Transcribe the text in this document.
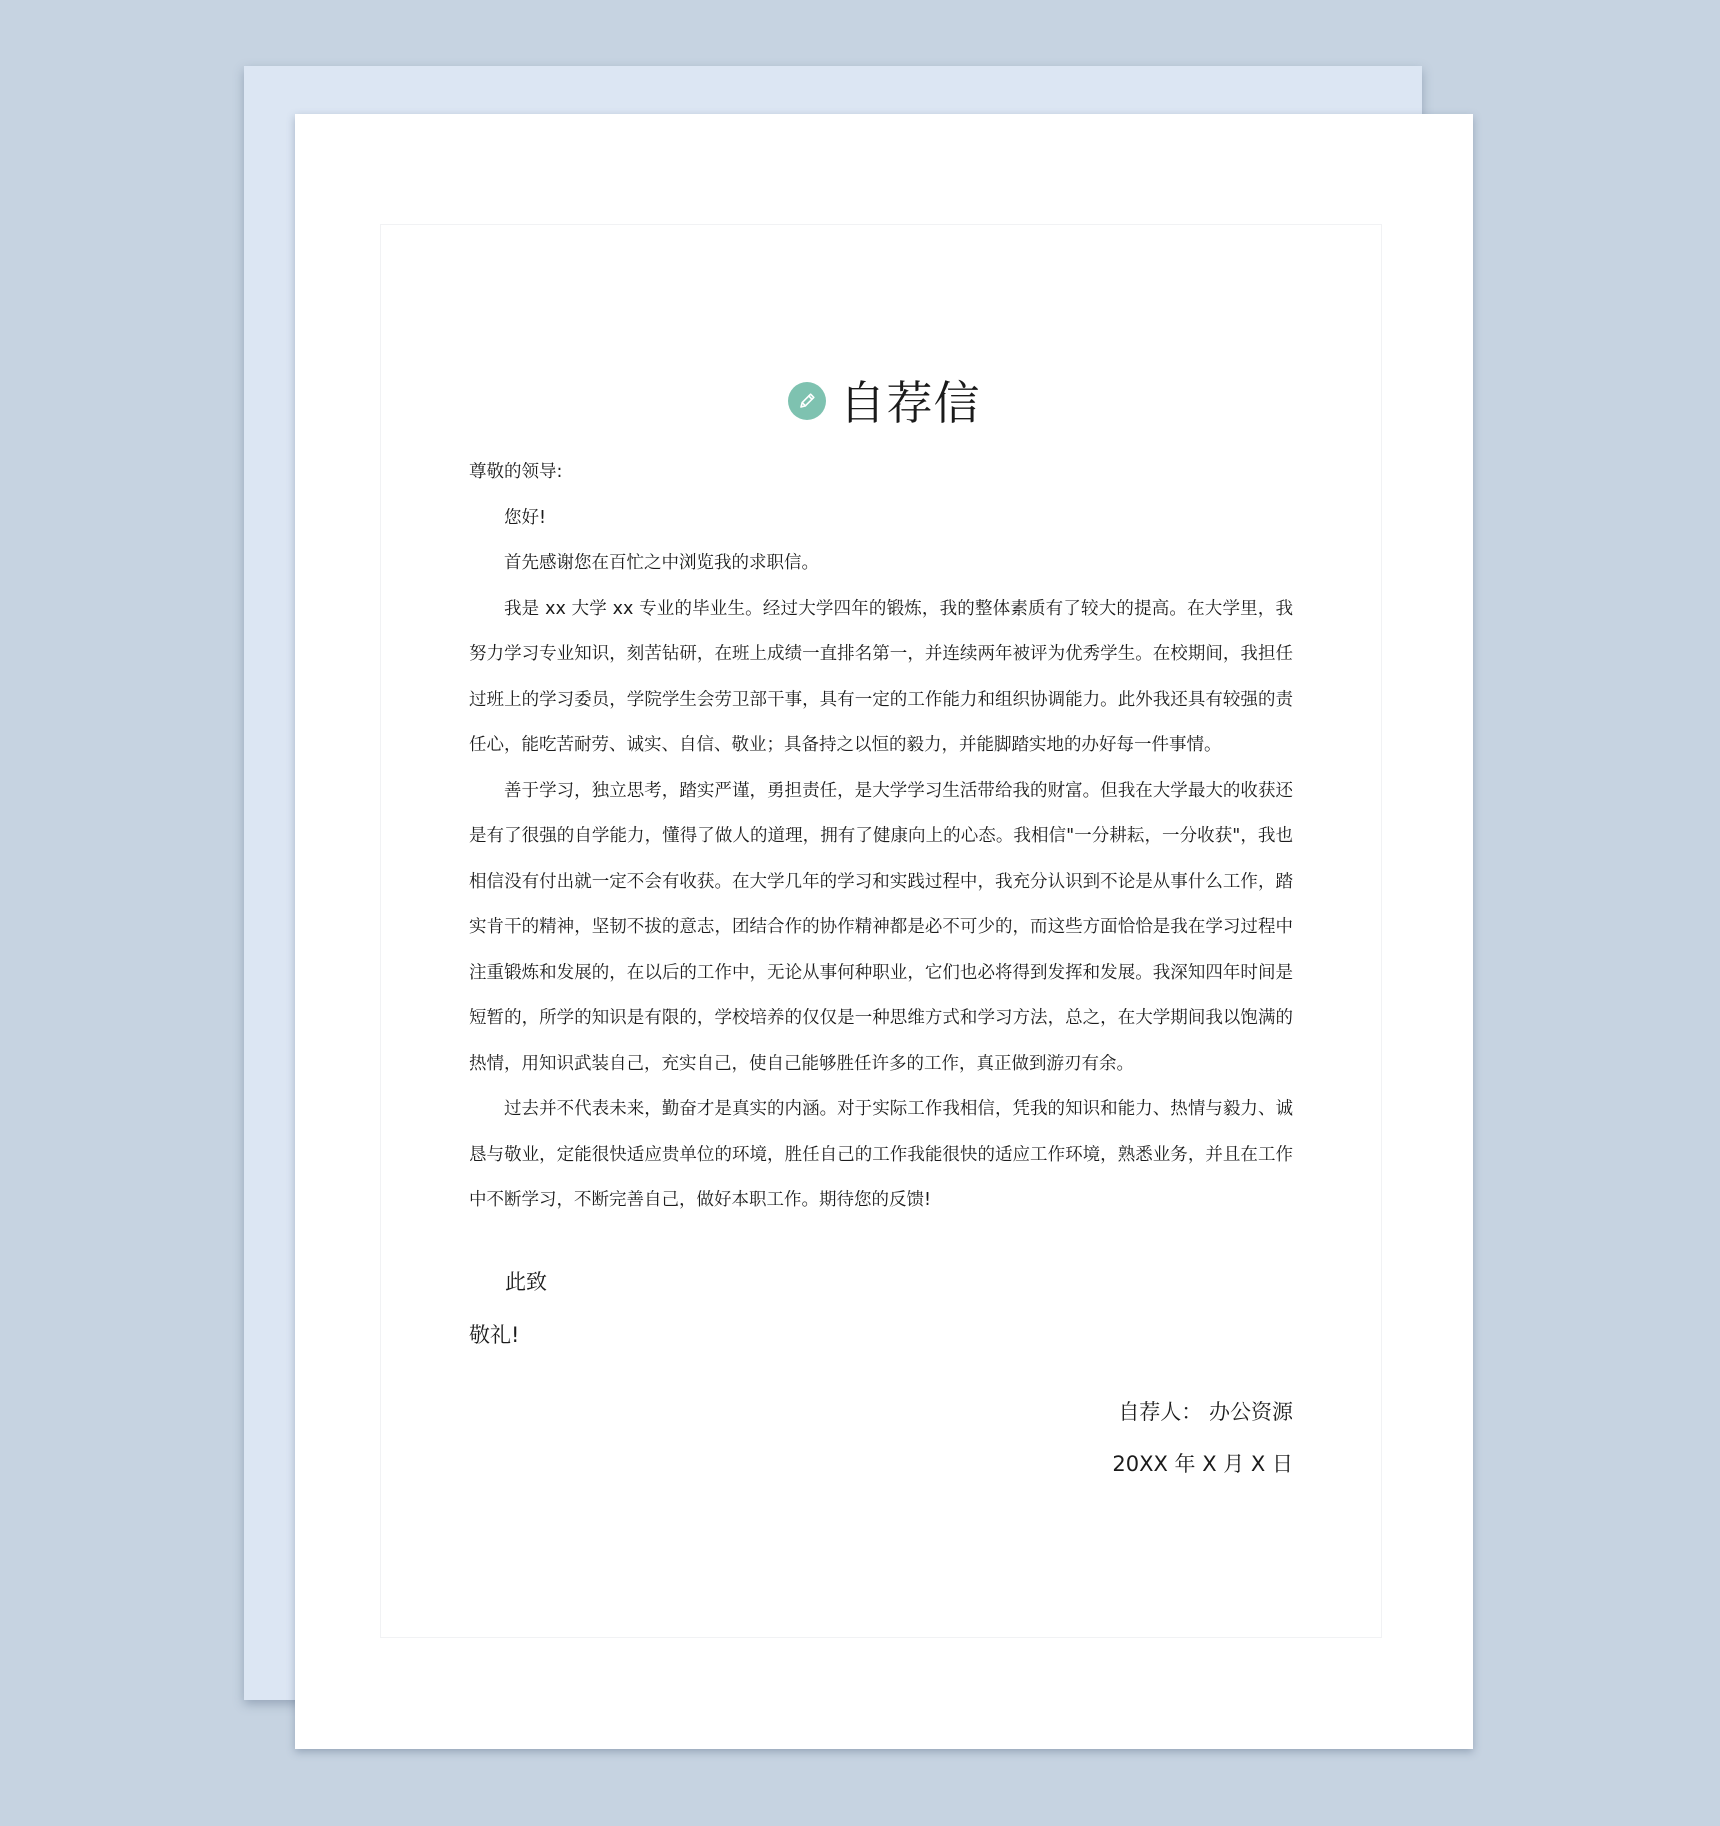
自荐信

尊敬的领导:

您好!

首先感谢您在百忙之中浏览我的求职信。

我是 xx 大学 xx 专业的毕业生。经过大学四年的锻炼，我的整体素质有了较大的提高。在大学里，我努力学习专业知识，刻苦钻研，在班上成绩一直排名第一，并连续两年被评为优秀学生。在校期间，我担任过班上的学习委员，学院学生会劳卫部干事，具有一定的工作能力和组织协调能力。此外我还具有较强的责任心，能吃苦耐劳、诚实、自信、敬业；具备持之以恒的毅力，并能脚踏实地的办好每一件事情。

善于学习，独立思考，踏实严谨，勇担责任，是大学学习生活带给我的财富。但我在大学最大的收获还是有了很强的自学能力，懂得了做人的道理，拥有了健康向上的心态。我相信"一分耕耘，一分收获"，我也相信没有付出就一定不会有收获。在大学几年的学习和实践过程中，我充分认识到不论是从事什么工作，踏实肯干的精神，坚韧不拔的意志，团结合作的协作精神都是必不可少的，而这些方面恰恰是我在学习过程中注重锻炼和发展的，在以后的工作中，无论从事何种职业，它们也必将得到发挥和发展。我深知四年时间是短暂的，所学的知识是有限的，学校培养的仅仅是一种思维方式和学习方法，总之，在大学期间我以饱满的热情，用知识武装自己，充实自己，使自己能够胜任许多的工作，真正做到游刃有余。

过去并不代表未来，勤奋才是真实的内涵。对于实际工作我相信，凭我的知识和能力、热情与毅力、诚恳与敬业，定能很快适应贵单位的环境，胜任自己的工作我能很快的适应工作环境，熟悉业务，并且在工作中不断学习，不断完善自己，做好本职工作。期待您的反馈!

此致
敬礼!
自荐人： 办公资源
20XX 年 X 月 X 日
